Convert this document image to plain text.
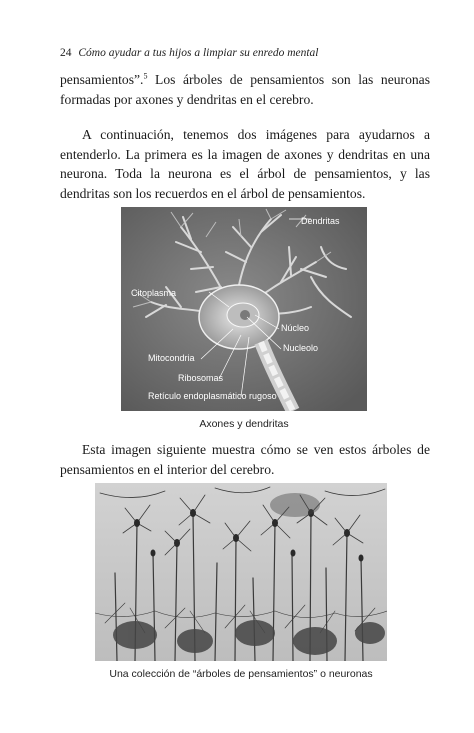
24 Cómo ayudar a tus hijos a limpiar su enredo mental

pensamientos”.$^5$ Los árboles de pensamientos son las neuronas formadas por axones y dendritas en el cerebro.

A continuación, tenemos dos imágenes para ayudarnos a entenderlo. La primera es la imagen de axones y dendritas en una neurona. Toda la neurona es el árbol de pensamientos, y las dendritas son los recuerdos en el árbol de pensamientos.

Dendritas
Citoplasma
Núcleo
Nucleolo
Mitocondria
Ribosomas
Retículo endoplasmático rugoso
Axones y dendritas

Esta imagen siguiente muestra cómo se ven estos árboles de pensamientos en el interior del cerebro.

Una colección de “árboles de pensamientos” o neuronas
